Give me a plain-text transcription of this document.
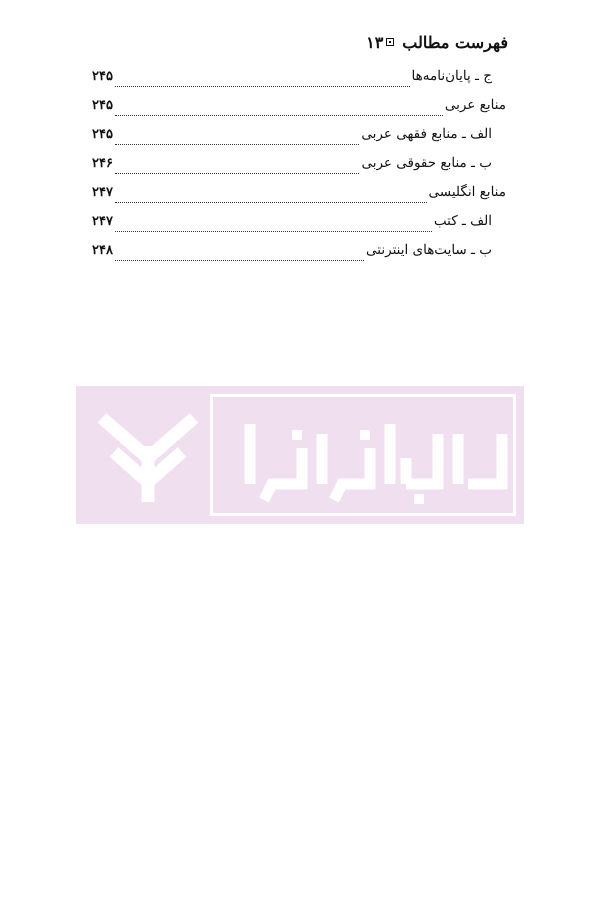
فهرست مطالب
۱۳
ج ـ پایان‌نامه‌ها
۲۴۵
منابع عربی
۲۴۵
الف ـ منابع فقهی عربی
۲۴۵
ب ـ منابع حقوقی عربی
۲۴۶
منابع انگلیسی
۲۴۷
الف ـ کتب
۲۴۷
ب ـ سایت‌های اینترنتی
۲۴۸
